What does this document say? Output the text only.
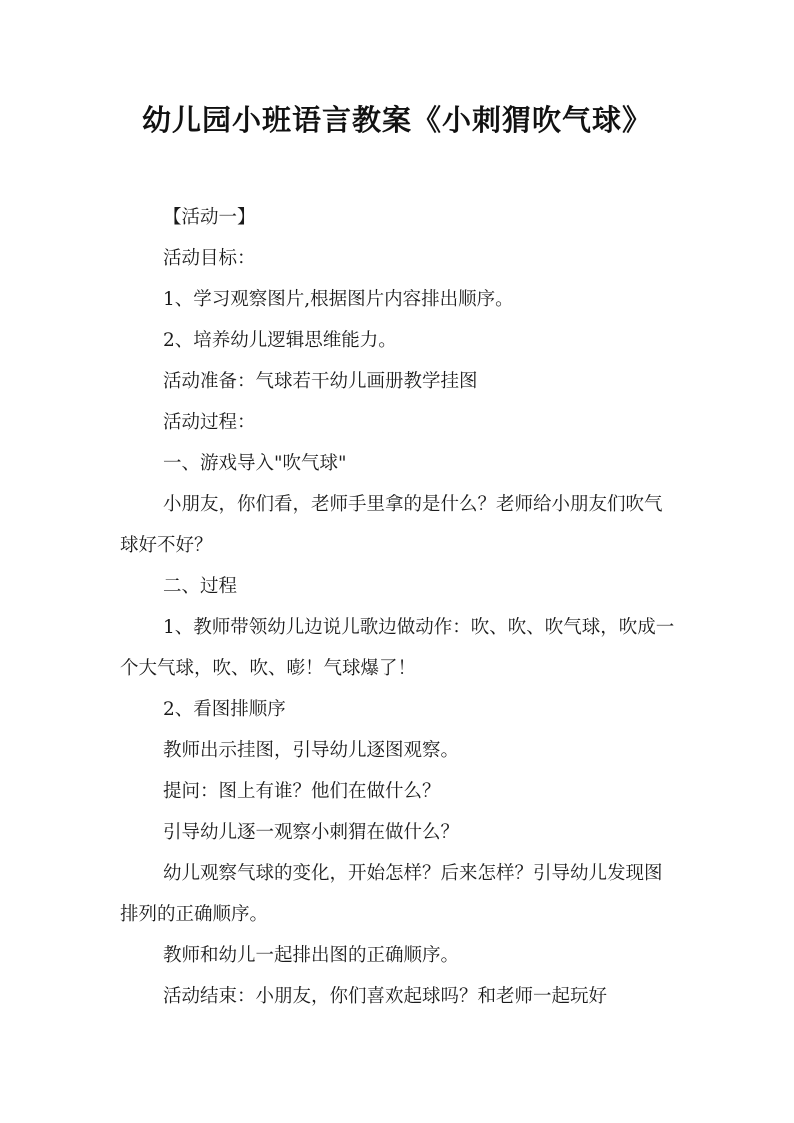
幼儿园小班语言教案《小刺猬吹气球》

【活动一】

活动目标：

1、学习观察图片,根据图片内容排出顺序。

2、培养幼儿逻辑思维能力。

活动准备：气球若干幼儿画册教学挂图

活动过程：

一、游戏导入"吹气球"

小朋友，你们看，老师手里拿的是什么？老师给小朋友们吹气球好不好？

二、过程

1、教师带领幼儿边说儿歌边做动作：吹、吹、吹气球，吹成一个大气球，吹、吹、嘭！气球爆了！

2、看图排顺序

教师出示挂图，引导幼儿逐图观察。

提问：图上有谁？他们在做什么？

引导幼儿逐一观察小刺猬在做什么？

幼儿观察气球的变化，开始怎样？后来怎样？引导幼儿发现图排列的正确顺序。

教师和幼儿一起排出图的正确顺序。

活动结束：小朋友，你们喜欢起球吗？和老师一起玩好
